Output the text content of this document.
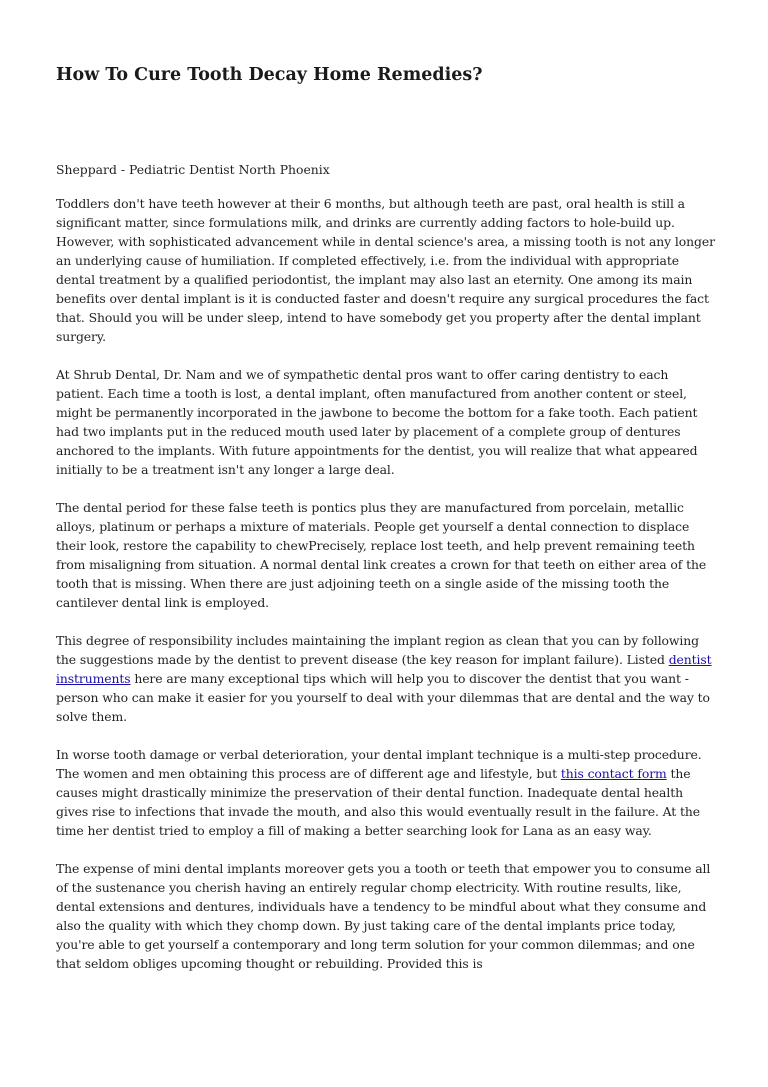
How To Cure Tooth Decay Home Remedies?

Sheppard - Pediatric Dentist North Phoenix

Toddlers don't have teeth however at their 6 months, but although teeth are past, oral health is still a significant matter, since formulations milk, and drinks are currently adding factors to hole-build up. However, with sophisticated advancement while in dental science's area, a missing tooth is not any longer an underlying cause of humiliation. If completed effectively, i.e. from the individual with appropriate dental treatment by a qualified periodontist, the implant may also last an eternity. One among its main benefits over dental implant is it is conducted faster and doesn't require any surgical procedures the fact that. Should you will be under sleep, intend to have somebody get you property after the dental implant surgery.

At Shrub Dental, Dr. Nam and we of sympathetic dental pros want to offer caring dentistry to each patient. Each time a tooth is lost, a dental implant, often manufactured from another content or steel, might be permanently incorporated in the jawbone to become the bottom for a fake tooth. Each patient had two implants put in the reduced mouth used later by placement of a complete group of dentures anchored to the implants. With future appointments for the dentist, you will realize that what appeared initially to be a treatment isn't any longer a large deal.

The dental period for these false teeth is pontics plus they are manufactured from porcelain, metallic alloys, platinum or perhaps a mixture of materials. People get yourself a dental connection to displace their look, restore the capability to chewPrecisely, replace lost teeth, and help prevent remaining teeth from misaligning from situation. A normal dental link creates a crown for that teeth on either area of the tooth that is missing. When there are just adjoining teeth on a single aside of the missing tooth the cantilever dental link is employed.

This degree of responsibility includes maintaining the implant region as clean that you can by following the suggestions made by the dentist to prevent disease (the key reason for implant failure). Listed dentist instruments here are many exceptional tips which will help you to discover the dentist that you want - person who can make it easier for you yourself to deal with your dilemmas that are dental and the way to solve them.

In worse tooth damage or verbal deterioration, your dental implant technique is a multi-step procedure. The women and men obtaining this process are of different age and lifestyle, but this contact form the causes might drastically minimize the preservation of their dental function. Inadequate dental health gives rise to infections that invade the mouth, and also this would eventually result in the failure. At the time her dentist tried to employ a fill of making a better searching look for Lana as an easy way.

The expense of mini dental implants moreover gets you a tooth or teeth that empower you to consume all of the sustenance you cherish having an entirely regular chomp electricity. With routine results, like, dental extensions and dentures, individuals have a tendency to be mindful about what they consume and also the quality with which they chomp down. By just taking care of the dental implants price today, you're able to get yourself a contemporary and long term solution for your common dilemmas; and one that seldom obliges upcoming thought or rebuilding. Provided this is
